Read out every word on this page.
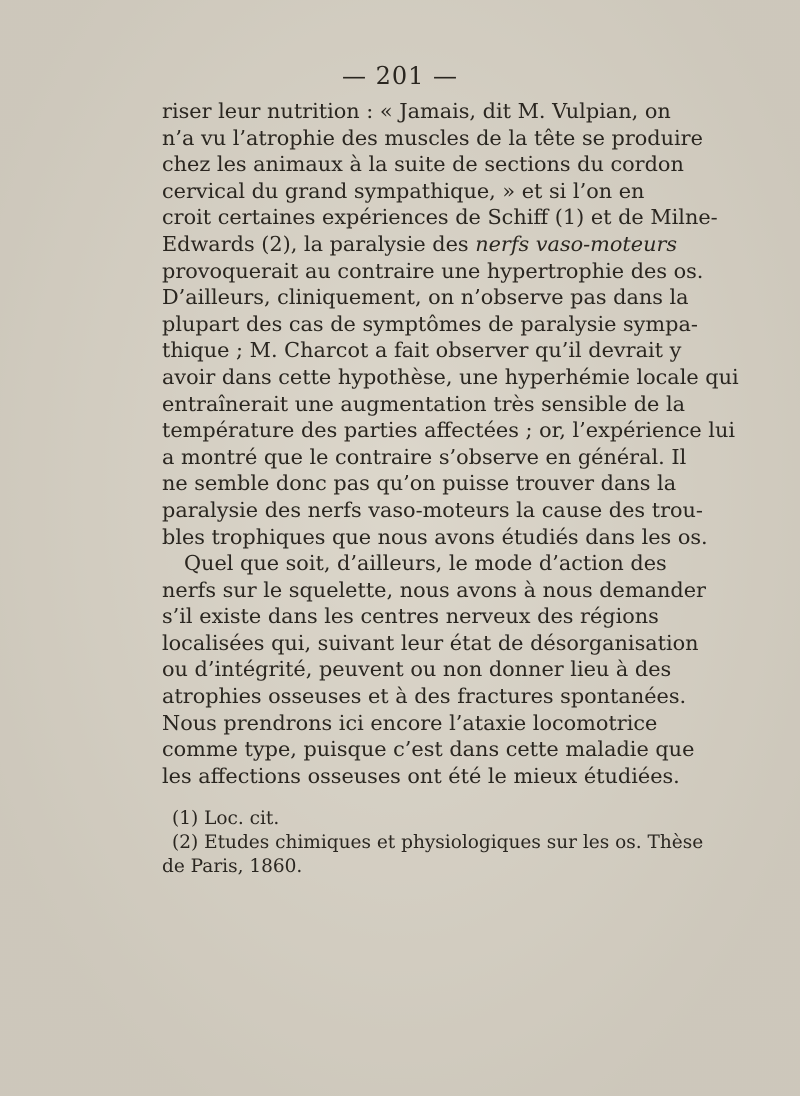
— 201 —
riser leur nutrition : « Jamais, dit M. Vulpian, on
n’a vu l’atrophie des muscles de la tête se produire
chez les animaux à la suite de sections du cordon
cervical du grand sympathique, » et si l’on en
croit certaines expériences de Schiff (1) et de Milne-
Edwards (2), la paralysie des nerfs vaso-moteurs
provoquerait au contraire une hypertrophie des os.
D’ailleurs, cliniquement, on n’observe pas dans la
plupart des cas de symptômes de paralysie sympa-
thique ; M. Charcot a fait observer qu’il devrait y
avoir dans cette hypothèse, une hyperhémie locale qui
entraînerait une augmentation très sensible de la
température des parties affectées ; or, l’expérience lui
a montré que le contraire s’observe en général. Il
ne semble donc pas qu’on puisse trouver dans la
paralysie des nerfs vaso-moteurs la cause des trou-
bles trophiques que nous avons étudiés dans les os.
Quel que soit, d’ailleurs, le mode d’action des
nerfs sur le squelette, nous avons à nous demander
s’il existe dans les centres nerveux des régions
localisées qui, suivant leur état de désorganisation
ou d’intégrité, peuvent ou non donner lieu à des
atrophies osseuses et à des fractures spontanées.
Nous prendrons ici encore l’ataxie locomotrice
comme type, puisque c’est dans cette maladie que
les affections osseuses ont été le mieux étudiées.
(1) Loc. cit.
(2) Etudes chimiques et physiologiques sur les os. Thèse
de Paris, 1860.
